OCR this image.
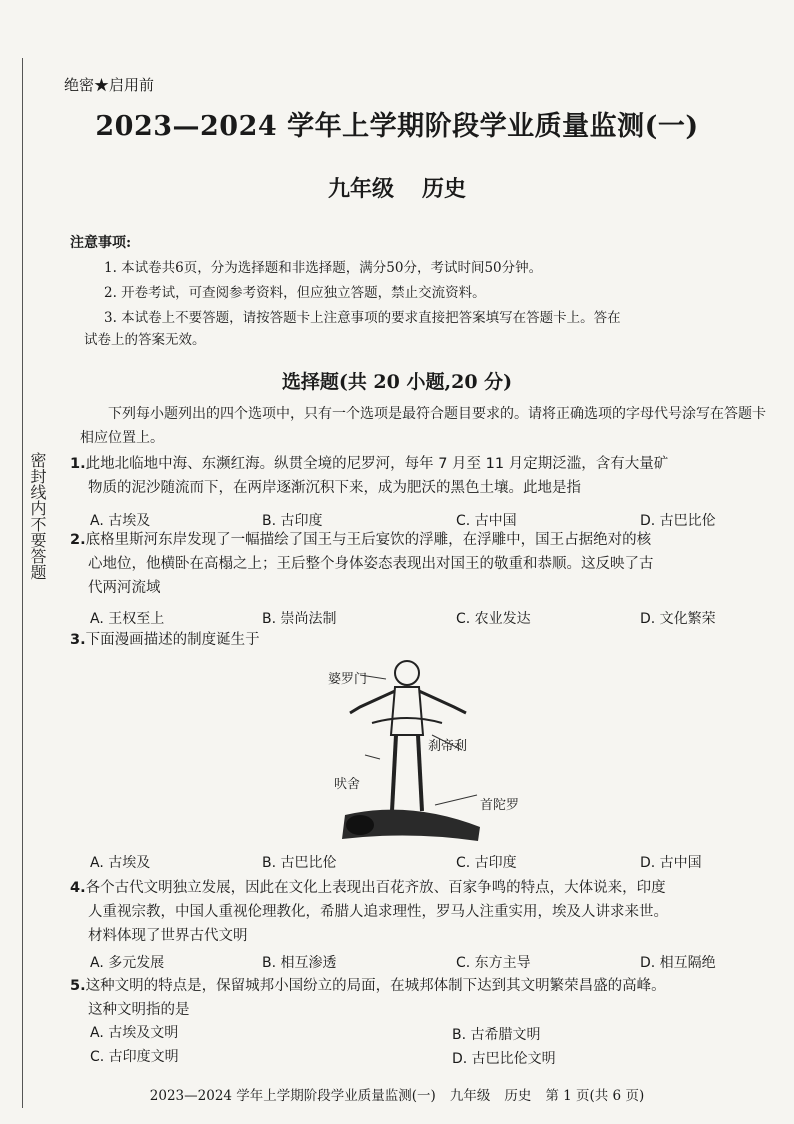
密封线内不要答题
绝密★启用前
2023—2024 学年上学期阶段学业质量监测(一)
九年级 历史
注意事项:
1. 本试卷共6页，分为选择题和非选择题，满分50分，考试时间50分钟。
2. 开卷考试，可查阅参考资料，但应独立答题，禁止交流资料。
3. 本试卷上不要答题，请按答题卡上注意事项的要求直接把答案填写在答题卡上。答在
试卷上的答案无效。
选择题(共 20 小题,20 分)
下列每小题列出的四个选项中，只有一个选项是最符合题目要求的。请将正确选项的字母代号涂写在答题卡相应位置上。
1.此地北临地中海、东濒红海。纵贯全境的尼罗河，每年 7 月至 11 月定期泛滥，含有大量矿
物质的泥沙随流而下，在两岸逐渐沉积下来，成为肥沃的黑色土壤。此地是指
A. 古埃及	B. 古印度	C. 古中国	D. 古巴比伦
2.底格里斯河东岸发现了一幅描绘了国王与王后宴饮的浮雕，在浮雕中，国王占据绝对的核
心地位，他横卧在高榻之上；王后整个身体姿态表现出对国王的敬重和恭顺。这反映了古
代两河流域
A. 王权至上	B. 崇尚法制	C. 农业发达	D. 文化繁荣
3.下面漫画描述的制度诞生于
婆罗门
刹帝利
吠舍
首陀罗
A. 古埃及	B. 古巴比伦	C. 古印度	D. 古中国
4.各个古代文明独立发展，因此在文化上表现出百花齐放、百家争鸣的特点，大体说来，印度
人重视宗教，中国人重视伦理教化，希腊人追求理性，罗马人注重实用，埃及人讲求来世。
材料体现了世界古代文明
A. 多元发展	B. 相互渗透	C. 东方主导	D. 相互隔绝
5.这种文明的特点是，保留城邦小国纷立的局面，在城邦体制下达到其文明繁荣昌盛的高峰。
这种文明指的是
A. 古埃及文明	B. 古希腊文明
C. 古印度文明	D. 古巴比伦文明
2023—2024 学年上学期阶段学业质量监测(一) 九年级 历史 第 1 页(共 6 页)
